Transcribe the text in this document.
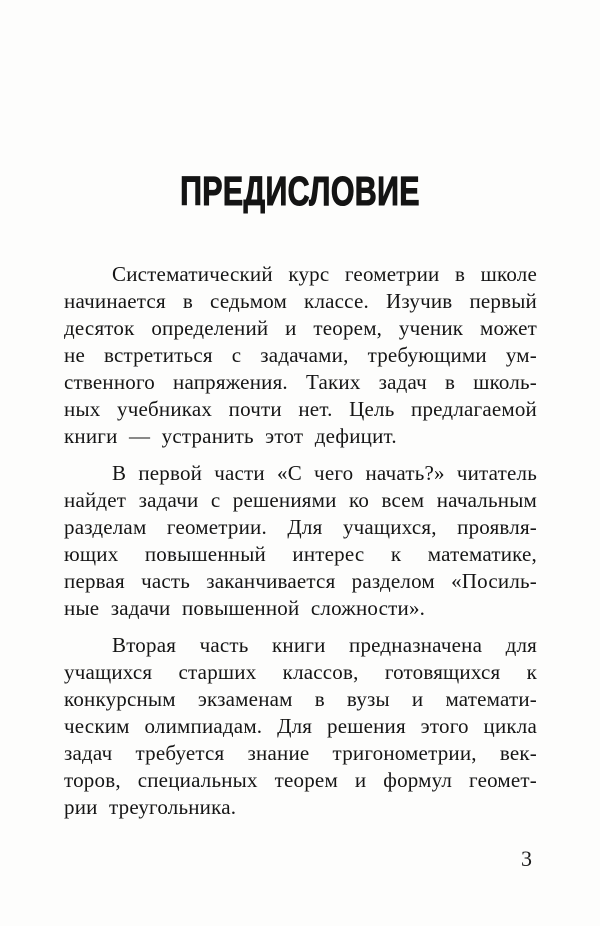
ПРЕДИСЛОВИЕ
Систематический курс геометрии в школе
начинается в седьмом классе. Изучив первый
десяток определений и теорем, ученик может
не встретиться с задачами, требующими ум-
ственного напряжения. Таких задач в школь-
ных учебниках почти нет. Цель предлагаемой
книги — устранить этот дефицит.
В первой части «С чего начать?» читатель
найдет задачи с решениями ко всем начальным
разделам геометрии. Для учащихся, проявля-
ющих повышенный интерес к математике,
первая часть заканчивается разделом «Посиль-
ные задачи повышенной сложности».
Вторая часть книги предназначена для
учащихся старших классов, готовящихся к
конкурсным экзаменам в вузы и математи-
ческим олимпиадам. Для решения этого цикла
задач требуется знание тригонометрии, век-
торов, специальных теорем и формул геомет-
рии треугольника.
3
